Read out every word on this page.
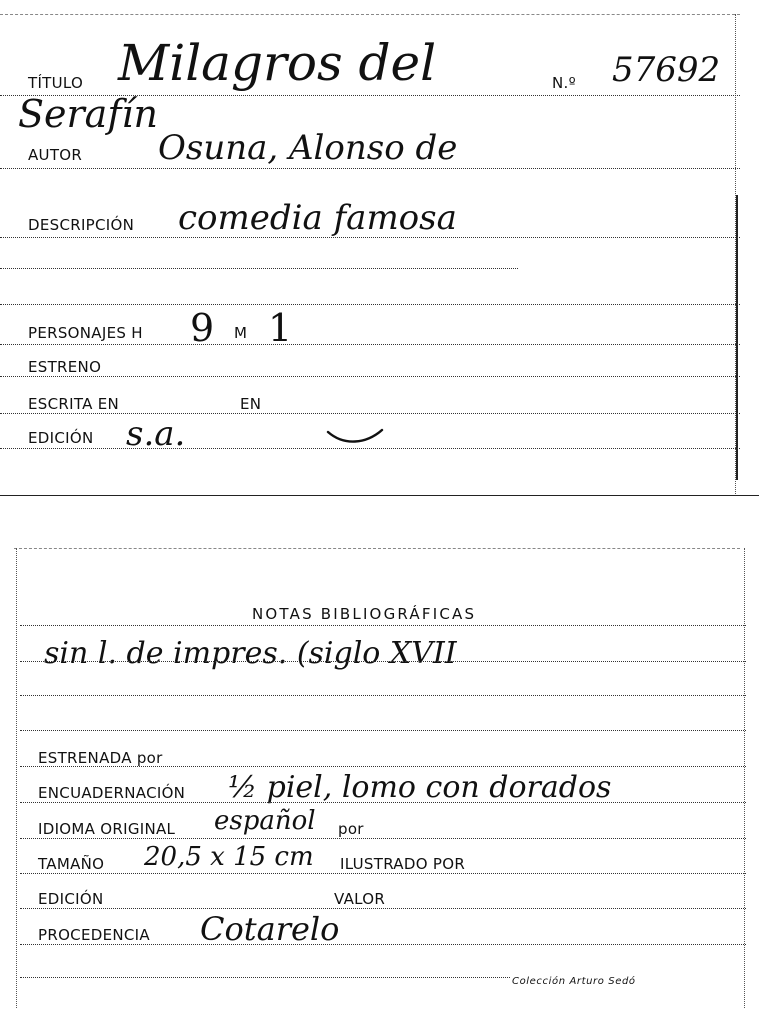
TÍTULO Milagros del	N.º 57692
Serafín
AUTOR Osuna, Alonso de
DESCRIPCIÓN comedia famosa
PERSONAJES H 9 M 1
ESTRENO
ESCRITA EN	EN
EDICIÓN s.a.
NOTAS BIBLIOGRÁFICAS
sin l. de impres. (siglo XVII
ESTRENADA por
ENCUADERNACIÓN ½ piel, lomo con dorados
IDIOMA ORIGINAL español por
TAMAÑO 20,5 x 15 cm ILUSTRADO POR
EDICIÓN	VALOR
PROCEDENCIA Cotarelo
Colección Arturo Sedó
